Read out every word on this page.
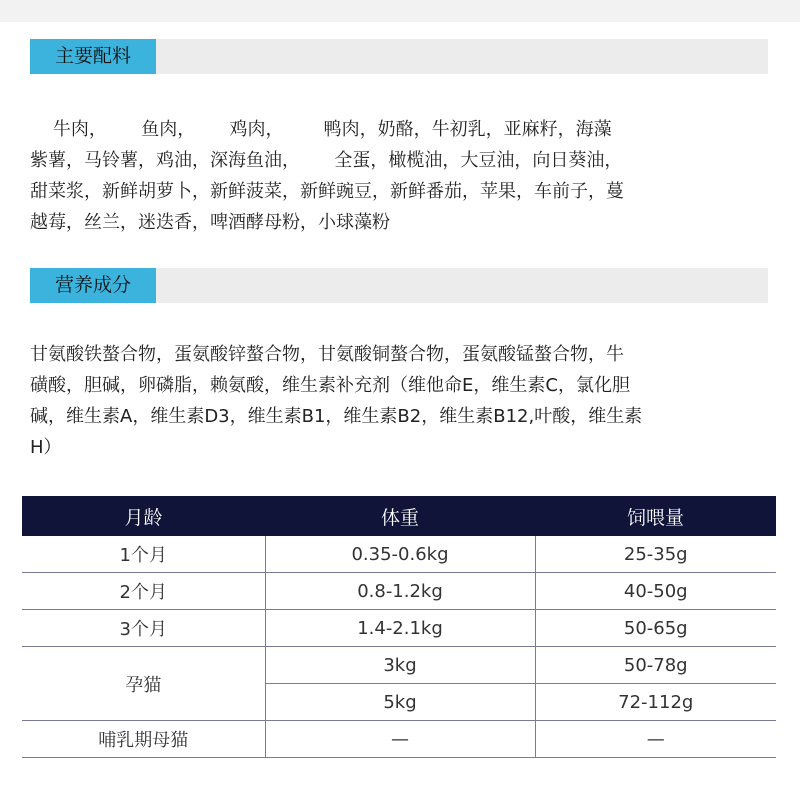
主要配料
牛肉，      鱼肉，      鸡肉，       鸭肉，奶酪，牛初乳，亚麻籽，海藻
紫薯，马铃薯，鸡油，深海鱼油，      全蛋，橄榄油，大豆油，向日葵油，
甜菜浆，新鲜胡萝卜，新鲜菠菜，新鲜豌豆，新鲜番茄，苹果，车前子，蔓
越莓，丝兰，迷迭香，啤酒酵母粉，小球藻粉
营养成分
甘氨酸铁螯合物，蛋氨酸锌螯合物，甘氨酸铜螯合物，蛋氨酸锰螯合物，牛
磺酸，胆碱，卵磷脂，赖氨酸，维生素补充剂（维他命E，维生素C，氯化胆
碱，维生素A，维生素D3，维生素B1，维生素B2，维生素B12,叶酸，维生素
H）
月龄	体重	饲喂量
1个月	0.35-0.6kg	25-35g
2个月	0.8-1.2kg	40-50g
3个月	1.4-2.1kg	50-65g
孕猫	3kg	50-78g
	5kg	72-112g
哺乳期母猫	—	—
